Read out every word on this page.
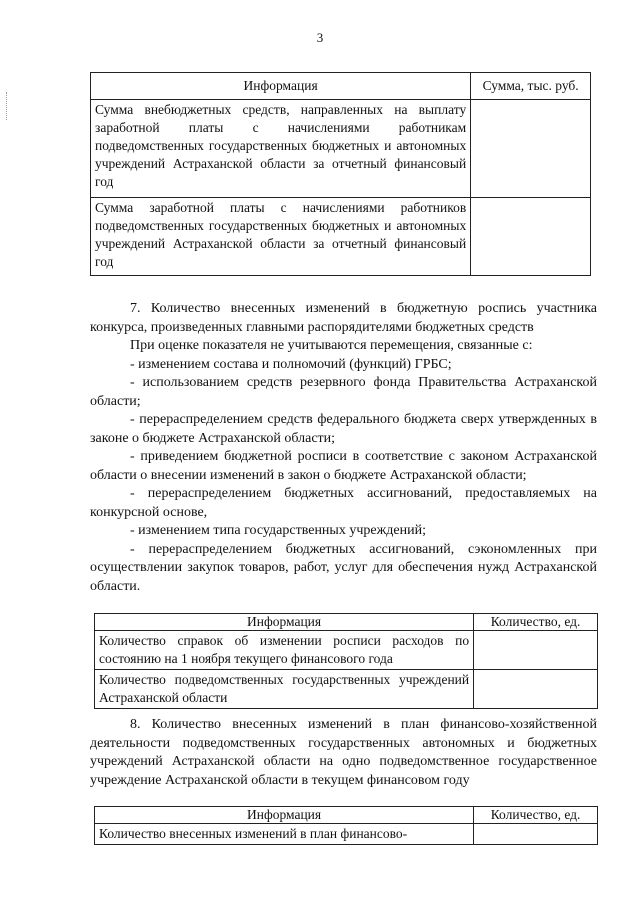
3
Информация	Сумма, тыс. руб.
Сумма внебюджетных средств, направленных на выплату заработной платы с начислениями работникам подведомственных государственных бюджетных и автономных учреждений Астраханской области за отчетный финансовый год	
Сумма заработной платы с начислениями работников подведомственных государственных бюджетных и автономных учреждений Астраханской области за отчетный финансовый год	

7. Количество внесенных изменений в бюджетную роспись участника конкурса, произведенных главными распорядителями бюджетных средств

При оценке показателя не учитываются перемещения, связанные с:

- изменением состава и полномочий (функций) ГРБС;

- использованием средств резервного фонда Правительства Астраханской области;

- перераспределением средств федерального бюджета сверх утвержденных в законе о бюджете Астраханской области;

- приведением бюджетной росписи в соответствие с законом Астраханской области о внесении изменений в закон о бюджете Астраханской области;

- перераспределением бюджетных ассигнований, предоставляемых на конкурсной основе,

- изменением типа государственных учреждений;

- перераспределением бюджетных ассигнований, сэкономленных при осуществлении закупок товаров, работ, услуг для обеспечения нужд Астраханской области.

Информация	Количество, ед.
Количество справок об изменении росписи расходов по состоянию на 1 ноября текущего финансового года	
Количество подведомственных государственных учреждений Астраханской области	

8. Количество внесенных изменений в план финансово-хозяйственной деятельности подведомственных государственных автономных и бюджетных учреждений Астраханской области на одно подведомственное государственное учреждение Астраханской области в текущем финансовом году

Информация	Количество, ед.
Количество внесенных изменений в план финансово-	
